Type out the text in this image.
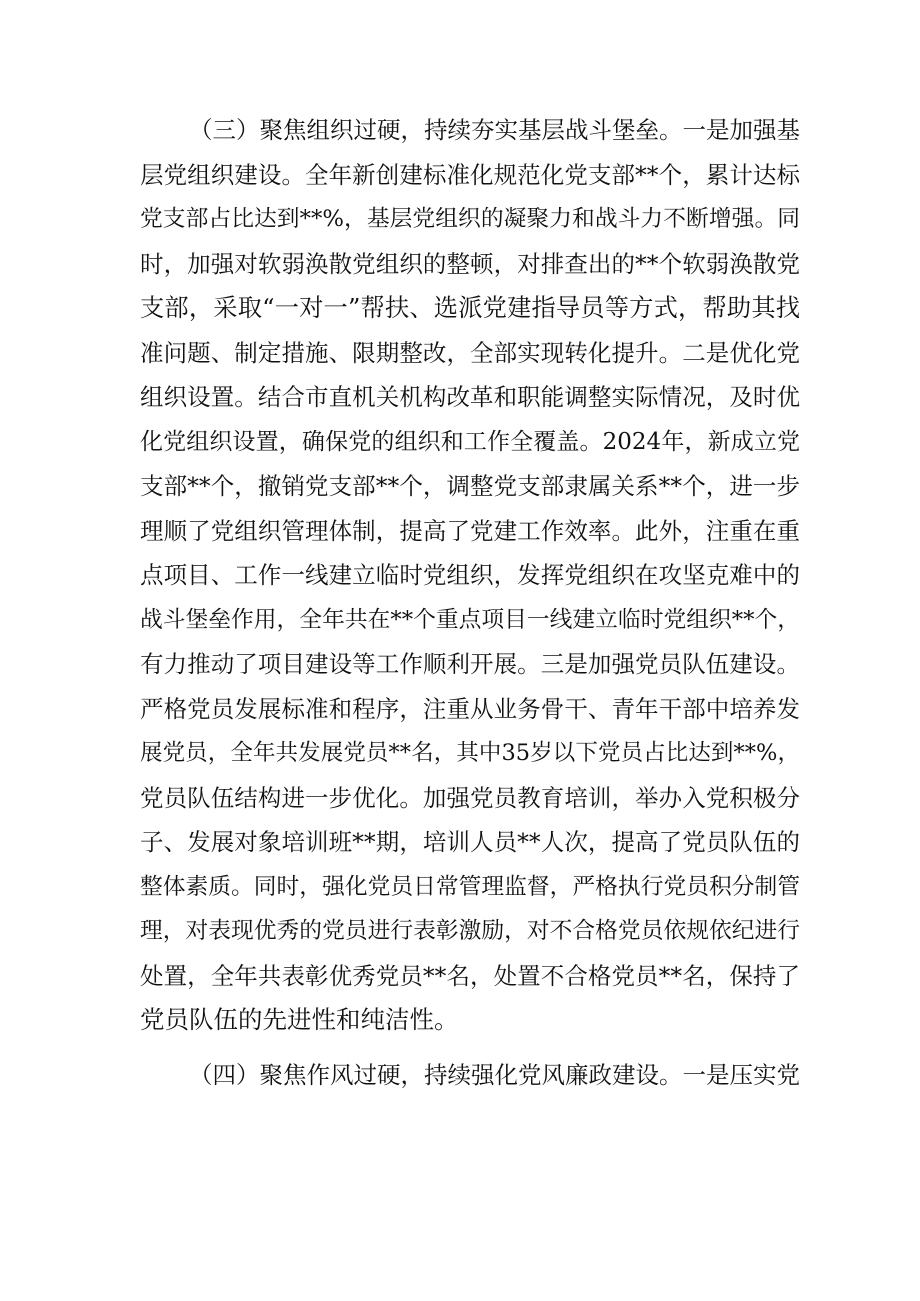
（三）聚焦组织过硬，持续夯实基层战斗堡垒。一是加强基
层党组织建设。全年新创建标准化规范化党支部**个，累计达标
党支部占比达到**%，基层党组织的凝聚力和战斗力不断增强。同
时，加强对软弱涣散党组织的整顿，对排查出的**个软弱涣散党
支部，采取“一对一”帮扶、选派党建指导员等方式，帮助其找
准问题、制定措施、限期整改，全部实现转化提升。二是优化党
组织设置。结合市直机关机构改革和职能调整实际情况，及时优
化党组织设置，确保党的组织和工作全覆盖。2024年，新成立党
支部**个，撤销党支部**个，调整党支部隶属关系**个，进一步
理顺了党组织管理体制，提高了党建工作效率。此外，注重在重
点项目、工作一线建立临时党组织，发挥党组织在攻坚克难中的
战斗堡垒作用，全年共在**个重点项目一线建立临时党组织**个，
有力推动了项目建设等工作顺利开展。三是加强党员队伍建设。
严格党员发展标准和程序，注重从业务骨干、青年干部中培养发
展党员，全年共发展党员**名，其中35岁以下党员占比达到**%，
党员队伍结构进一步优化。加强党员教育培训，举办入党积极分
子、发展对象培训班**期，培训人员**人次，提高了党员队伍的
整体素质。同时，强化党员日常管理监督，严格执行党员积分制管
理，对表现优秀的党员进行表彰激励，对不合格党员依规依纪进行
处置，全年共表彰优秀党员**名，处置不合格党员**名，保持了
党员队伍的先进性和纯洁性。
（四）聚焦作风过硬，持续强化党风廉政建设。一是压实党
